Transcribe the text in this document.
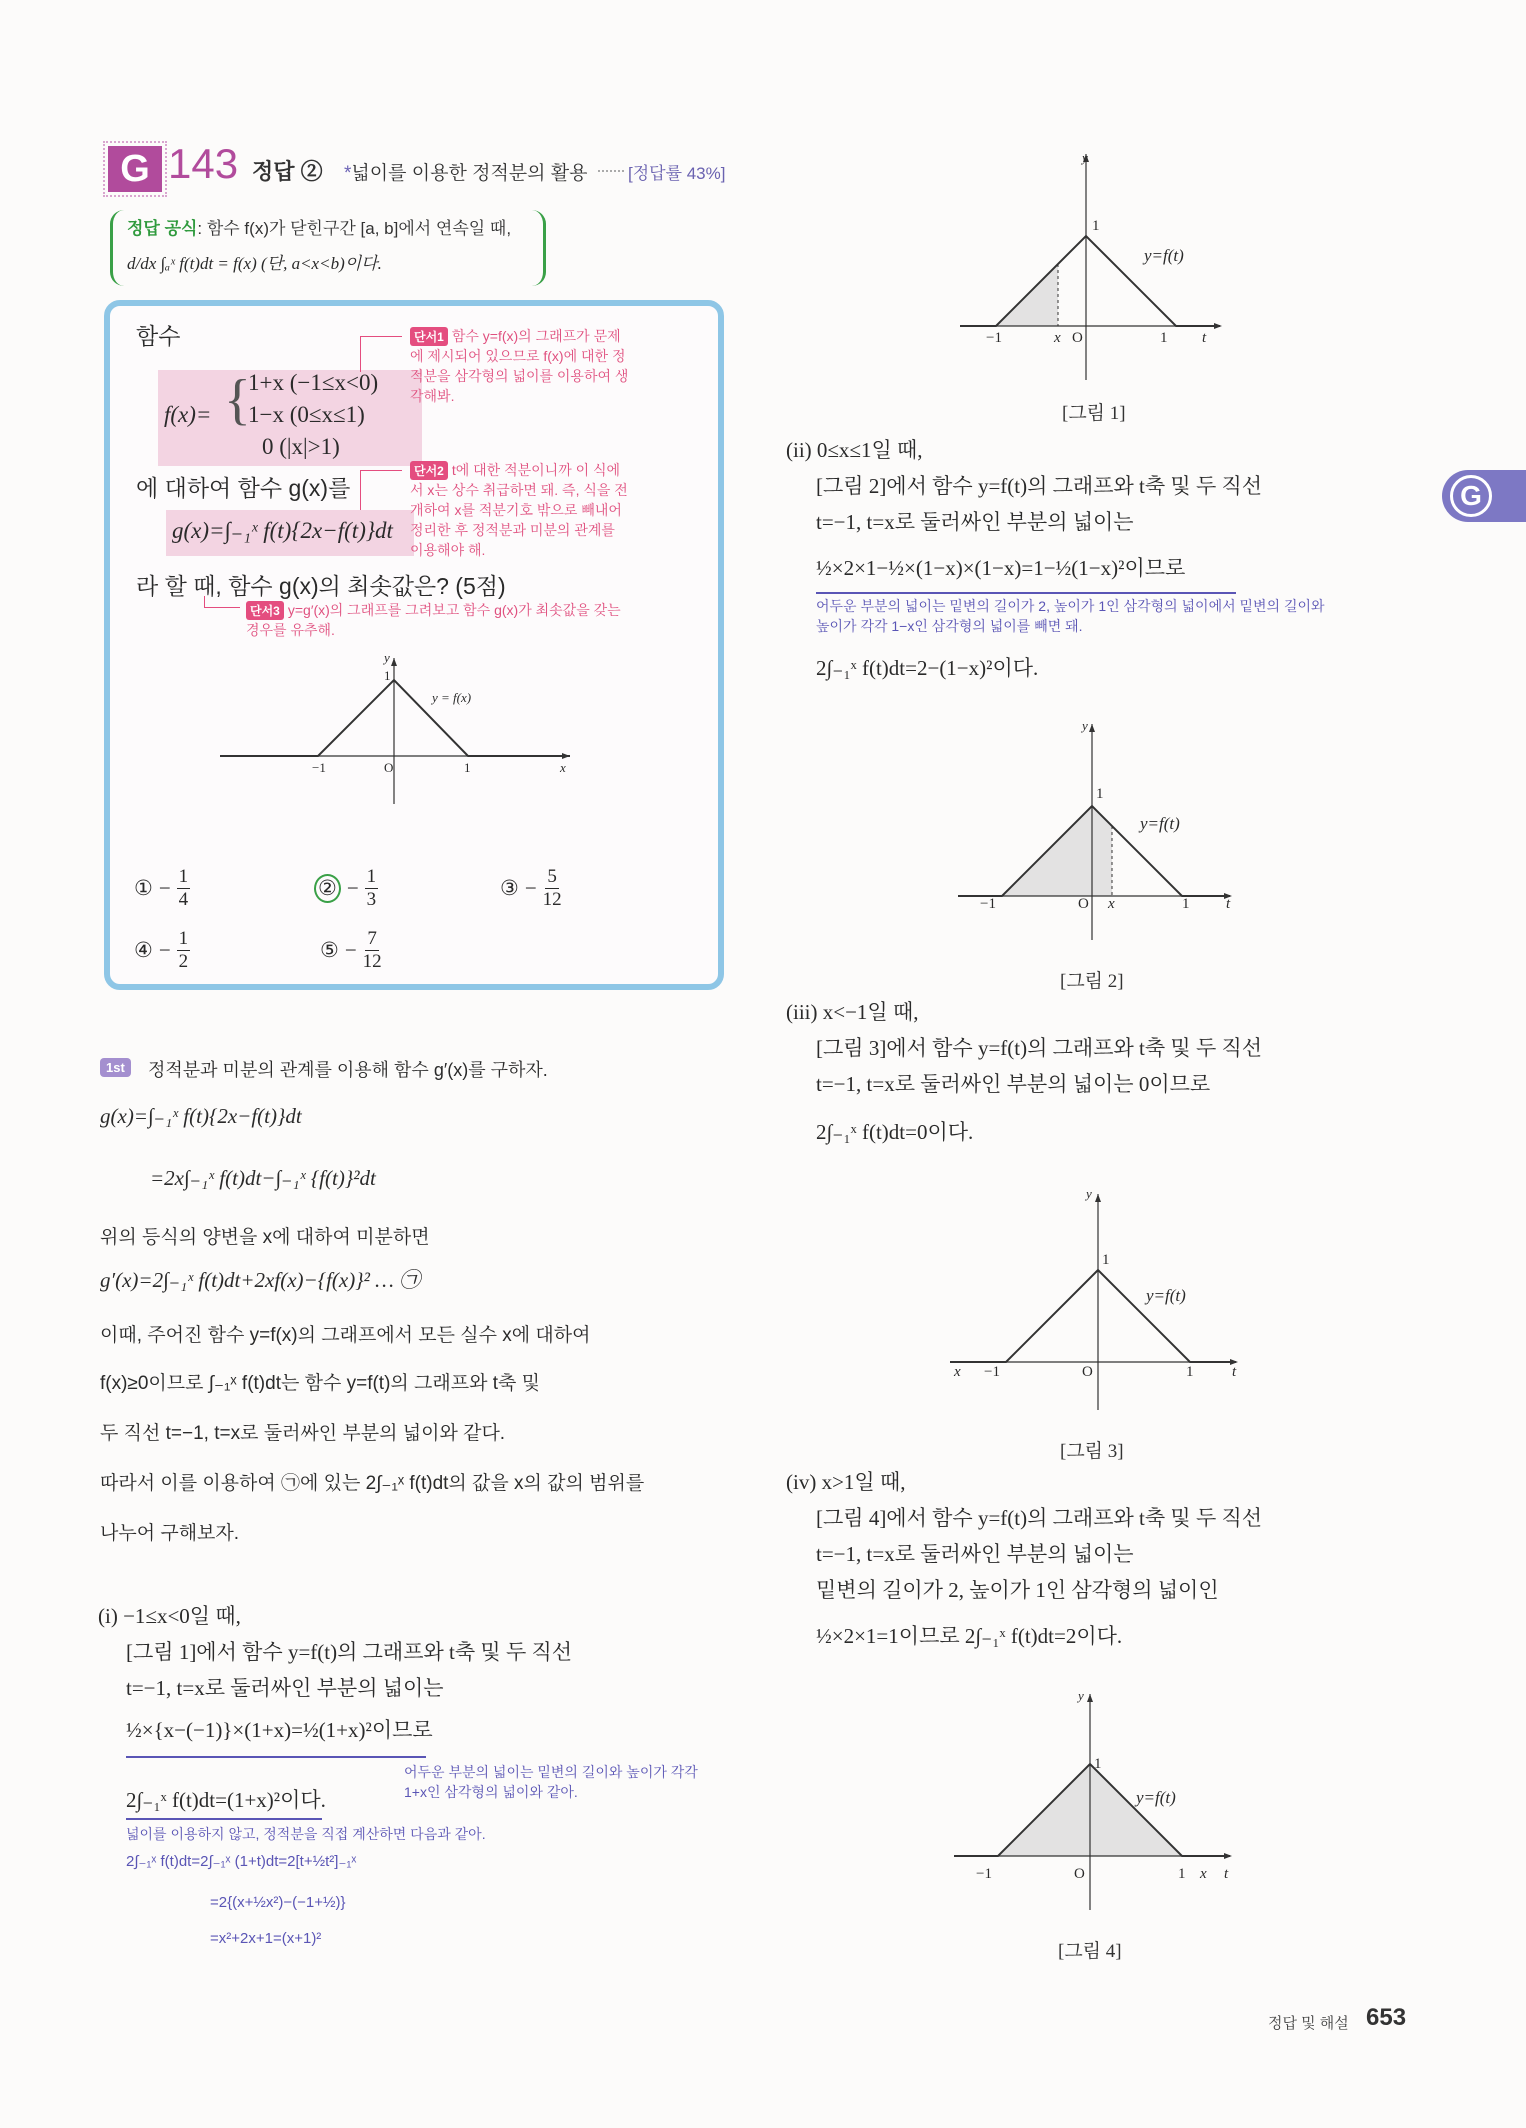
G 143 정답 ② *넓이를 이용한 정적분의 활용 [정답률 43%]
정답 공식: 함수 f(x)가 닫힌구간 [a, b]에서 연속일 때,
d/dx ∫ₐˣ f(t)dt = f(x) (단, a<x<b)이다.
함수
f(x)= {
1+x (−1≤x<0)
1−x (0≤x≤1)
0 (|x|>1)
에 대하여 함수 g(x)를
g(x)=∫₋₁ˣ f(t){2x−f(t)}dt
라 할 때, 함수 g(x)의 최솟값은? (5점)
단서1 함수 y=f(x)의 그래프가 문제에 제시되어 있으므로 f(x)에 대한 정적분을 삼각형의 넓이를 이용하여 생각해봐.
단서2 t에 대한 적분이니까 이 식에서 x는 상수 취급하면 돼. 즉, 식을 전개하여 x를 적분기호 밖으로 빼내어 정리한 후 정적분과 미분의 관계를 이용해야 해.
단서3 y=g′(x)의 그래프를 그려보고 함수 g(x)가 최솟값을 갖는 경우를 유추해.
y
1
y = f(x)
−1	O	1	x
① − $\frac{1}{4}$	② − $\frac{1}{3}$	③ − $\frac{5}{12}$
④ − $\frac{1}{2}$	⑤ − $\frac{7}{12}$
1st	정적분과 미분의 관계를 이용해 함수 g′(x)를 구하자.
g(x)=∫₋₁ˣ f(t){2x−f(t)}dt
=2x∫₋₁ˣ f(t)dt−∫₋₁ˣ {f(t)}²dt
위의 등식의 양변을 x에 대하여 미분하면
g′(x)=2∫₋₁ˣ f(t)dt+2xf(x)−{f(x)}² … ㉠
이때, 주어진 함수 y=f(x)의 그래프에서 모든 실수 x에 대하여
f(x)≥0이므로 ∫₋₁ˣ f(t)dt는 함수 y=f(t)의 그래프와 t축 및
두 직선 t=−1, t=x로 둘러싸인 부분의 넓이와 같다.
따라서 이를 이용하여 ㉠에 있는 2∫₋₁ˣ f(t)dt의 값을 x의 값의 범위를
나누어 구해보자.
(i) −1≤x<0일 때,
[그림 1]에서 함수 y=f(t)의 그래프와 t축 및 두 직선
t=−1, t=x로 둘러싸인 부분의 넓이는
½×{x−(−1)}×(1+x)=½(1+x)²이므로
어두운 부분의 넓이는 밑변의 길이와 높이가 각각 1+x인 삼각형의 넓이와 같아.
2∫₋₁ˣ f(t)dt=(1+x)²이다.
넓이를 이용하지 않고, 정적분을 직접 계산하면 다음과 같아.
2∫₋₁ˣ f(t)dt=2∫₋₁ˣ (1+t)dt=2[t+½t²]₋₁ˣ
=2{(x+½x²)−(−1+½)}
=x²+2x+1=(x+1)²
y
1
y=f(t)
−1	x O	1 t
[그림 1]
(ii) 0≤x≤1일 때,
[그림 2]에서 함수 y=f(t)의 그래프와 t축 및 두 직선
t=−1, t=x로 둘러싸인 부분의 넓이는
½×2×1−½×(1−x)×(1−x)=1−½(1−x)²이므로
어두운 부분의 넓이는 밑변의 길이가 2, 높이가 1인 삼각형의 넓이에서 밑변의 길이와 높이가 각각 1−x인 삼각형의 넓이를 빼면 돼.
2∫₋₁ˣ f(t)dt=2−(1−x)²이다.
y
1
y=f(t)
−1	O x	1 t
[그림 2]
(iii) x<−1일 때,
[그림 3]에서 함수 y=f(t)의 그래프와 t축 및 두 직선
t=−1, t=x로 둘러싸인 부분의 넓이는 0이므로
2∫₋₁ˣ f(t)dt=0이다.
y
1
y=f(t)
x −1	O	1	t
[그림 3]
(iv) x>1일 때,
[그림 4]에서 함수 y=f(t)의 그래프와 t축 및 두 직선
t=−1, t=x로 둘러싸인 부분의 넓이는
밑변의 길이가 2, 높이가 1인 삼각형의 넓이인
½×2×1=1이므로 2∫₋₁ˣ f(t)dt=2이다.
y
1
y=f(t)
−1	O	1 x t
[그림 4]
G
정답 및 해설 653
